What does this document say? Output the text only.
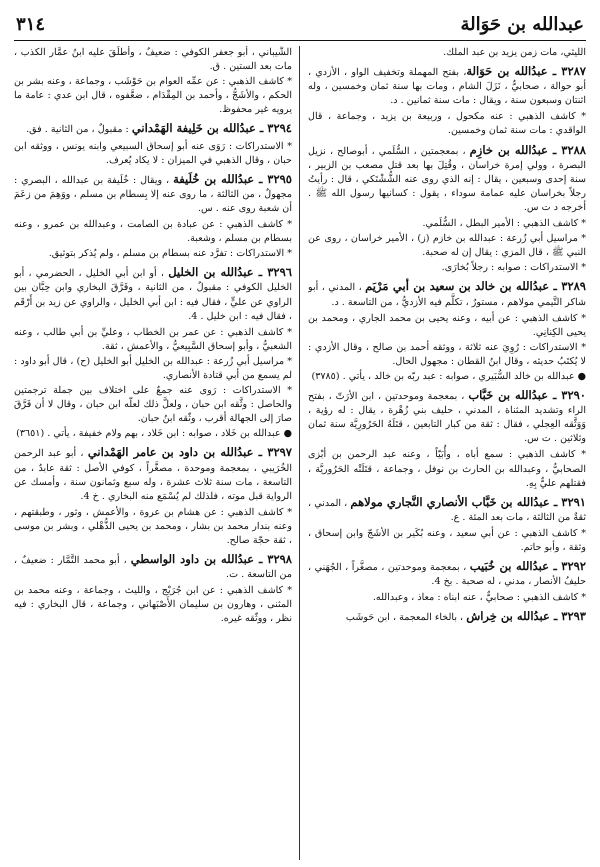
عبدالله بن حَوَالة
٣١٤

الليثي، مات زمن يزيد بن عبد الملك.

٣٢٨٧ ـ عبدُالله بن حَوَالة، بفتح المهملة وتخفيف الواو ، الأزدي ، أبو حوالة ، صحابيٌّ ، نَزَلَ الشام ، ومات بها سنة ثمان وخمسين ، وله اثنتان وسبعون سنة ، ويقال : مات سنة ثمانين . د.

* كاشف الذهبي : عنه مكحول ، وربيعة بن يزيد ، وجماعة ، قال الواقدي : مات سنة ثمان وخمسين.

٣٢٨٨ ـ عبدُالله بن خازِم ، بمعجمتين ، السُّلَمي ، أبوصالح ، نزيل البصرة ، وولي إمرة خراسان ، وقُتِلَ بها بعد قتل مصعب بن الزبير ، سنة إحدى وسبعين ، يقال : إنه الذي روى عنه الشُّشْتَكي ، قال : رأيتُ رجلاً بخراسان عليه عمامة سوداء ، يقول : كسانيها رسول الله ﷺ . أخرجه د ت س.

* كاشف الذهبي : الأمير البطل ، السُّلَمي.

* مراسيل أبي زُرعة : عبدالله بن خازم (ز) ، الأمير خراسان ، روى عن النبي ﷺ ، قال المزي : يقال إن له صحبة.

* الاستدراكات : صوابه : رجلاً بُخارَى.

٣٢٨٩ ـ عبدُالله بن خالد بن سعيد بن أبي مَرْيَم ، المدني ، أبو شاكر التَّيمي مولاهم ، مستورٌ ، تكلَّم فيه الأزديُّ ، من التاسعة . د.

* كاشف الذهبي : عن أبيه ، وعنه يحيى بن محمد الجاري ، ومحمد بن يحيى الكِنانِي.

* الاستدراكات : رُوِيَ عنه ثلاثة ، ووثقه أحمد بن صالح ، وقال الأزدي : لا يُكتَبُ حديثه ، وقال ابنُ القطان : مجهول الحال.

● عبدالله بن خالد السُّبَيري ، صوابه : عبد ربّه بن خالد ، يأتي . (٣٧٨٥)

٣٢٩٠ ـ عبدُالله بن خَبَّاب ، بمعجمة وموحدتين ، ابن الأرَتّ ، بفتح الراء وتشديد المثناة ، المدني ، حليف بني زُهْرة ، يقال : له رؤية ، وَوَثَّقه العِجلي ، فقال : ثقة من كبار التابعين ، قتَلَهُ الحَرُورِيَّة سنة ثمان وثلاثين . ت س.

* كاشف الذهبي : سمع أباه ، وأُبَيّاً ، وعنه عبد الرحمن بن أبْزى الصحابيُّ ، وعبدالله بن الحارث بن نوفل ، وجماعة ، قتَلَتْه الحَرُوريَّة ، فقتلهم عليٌّ بِهِ.

٣٢٩١ ـ عبدُالله بن خَبَّاب الأنصاري النَّجاري مولاهم ، المدني ، ثقةٌ من الثالثة ، مات بعد المئة . ع.

* كاشف الذهبي : عن أبي سعيد ، وعنه بُكَير بن الأشَجّ وابن إسحاق ، وثقة ، وأبو حاتم.

٣٢٩٢ ـ عبدُالله بن خُبَيب ، بمعجمة وموحدتين ، مصغَّراً ، الجُهَني ، حليفُ الأنصار ، مدني ، له صحبة . بخ 4.

* كاشف الذهبي : صحابيٌّ ، عنه ابناه : معاذ ، وعبدالله.

٣٢٩٣ ـ عبدُالله بن خِراش ، بالخاء المعجمة ، ابن حَوشَب

الشَّيباني ، أبو جعفر الكوفي : ضعيفٌ ، وأطلَقَ عليه ابنُ عمَّار الكذب ، مات بعد الستين . ق.

* كاشف الذهبي : عن عمِّه العوام بن حَوْشَب ، وجماعة ، وعنه بشر بن الحكم ، والأشَجُّ ، وأحمد بن المِقْدَام ، ضعَّفوه ، قال ابن عدي : عامة ما يرويه غير محفوظ.

٣٢٩٤ ـ عبدُالله بن خَلِيفة الهَمْداني : مقبولٌ ، من الثانية . فق.

* الاستدراكات : رَوَى عنه أبو إسحاق السبيعي وابنه يونس ، ووثقه ابن حبان ، وقال الذهبي في الميزان : لا يكاد يُعرف.

٣٢٩٥ ـ عبدُالله بن خُلَيفة ، ويقال : خُلَيفة بن عبدالله ، البصري : مجهولٌ ، من الثالثة ، ما روى عنه إلا بِسطام بن مسلم ، ووَهِمَ من زعَمَ أن شعبة روى عنه . س.

* كاشف الذهبي : عن عبادة بن الصامت ، وعبدالله بن عمرو ، وعنه بسطام بن مسلم ، وشعبة.

* الاستدراكات : تفرَّد عنه بسطام بن مسلم ، ولم يُذكر بتوثيق.

٣٢٩٦ ـ عبدُالله بن الخليل ، أو ابن أبي الخليل ، الحضرمي ، أبو الخليل الكوفي : مقبولٌ ، من الثانية ، وفَرَّقَ البخاري وابن حِبَّان بين الراوي عن عليٍّ ، فقال فيه : ابن أبي الخليل ، والراوي عن زيد بن أَرْقَم ، فقال فيه : ابن خليل . 4.

* كاشف الذهبي : عن عمر بن الخطاب ، وعليِّ بن أبي طالب ، وعنه الشعبيُّ ، وأبو إسحاق السَّبِيعيُّ ، والأعمش ، ثقة.

* مراسيل أبي زُرعة : عبدالله بن الخليل أبو الخليل (ح) ، قال أبو داود : لم يسمع من أبي قتادة الأنصاري.

* الاستدراكات : رَوى عنه جمعٌ على اختلاف بين جملة ترجمتين والحاصل : وثَّقه ابن حبان ، ولعلَّ ذلك لعلّه ابن حبان ، وقال لا أن فَرَّقَ صارَ إلى الجهالة أقرب ، وثّقه ابنُ حبان.

● عبدالله بن خَلاد ، صوابه : ابن خَلاد ، بهم ولام خفيفة ، يأتي . (٣٦٥١)

٣٢٩٧ ـ عبدُالله بن داود بن عامر الهَمْداني ، أبو عبد الرحمن الخُرَيبي ، بمعجمة وموحدة ، مصغَّراً ، كوفي الأصل : ثقة عابدٌ ، من التاسعة ، مات سنة ثلاث عشرة ، وله سبع وثمانون سنة ، وأمسك عن الرواية قبل موته ، فلذلك لم يُسْمَع منه البخاري . خ 4.

* كاشف الذهبي : عن هشام بن عروة ، والأعمش ، وثور ، وطبقتهم ، وعنه بندار محمد بن بشار ، ومحمد بن يحيى الذُّهْلي ، وبشر بن موسى ، ثقة حجّة صالح.

٣٢٩٨ ـ عبدُالله بن داود الواسطي ، أبو محمد التَّمَّار : ضعيفٌ ، من التاسعة . ت.

* كاشف الذهبي : عن ابن جُرَيْج ، والليث ، وجماعة ، وعنه محمد بن المثنى ، وهارون بن سليمان الأَصْبَهاني ، وجماعة ، قال البخاري : فيه نظر ، ووثّقه غيره.
